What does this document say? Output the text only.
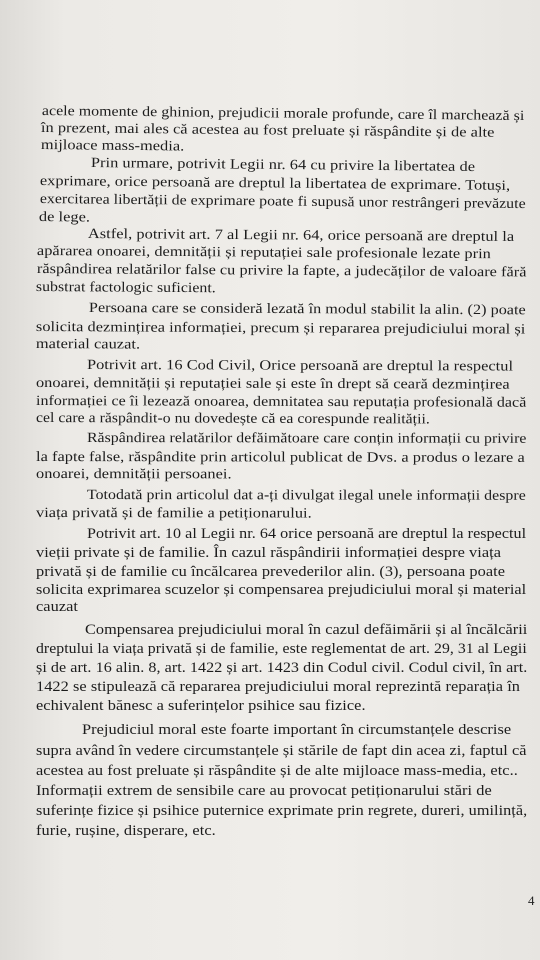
acele momente de ghinion, prejudicii morale profunde, care îl marchează și
în prezent, mai ales că acestea au fost preluate și răspândite și de alte
mijloace mass-media.
Prin urmare, potrivit Legii nr. 64 cu privire la libertatea de
exprimare, orice persoană are dreptul la libertatea de exprimare. Totuși,
exercitarea libertății de exprimare poate fi supusă unor restrângeri prevăzute
de lege.
Astfel, potrivit art. 7 al Legii nr. 64, orice persoană are dreptul la
apărarea onoarei, demnității și reputației sale profesionale lezate prin
răspândirea relatărilor false cu privire la fapte, a judecăților de valoare fără
substrat factologic suficient.
Persoana care se consideră lezată în modul stabilit la alin. (2) poate
solicita dezmințirea informației, precum și repararea prejudiciului moral și
material cauzat.
Potrivit art. 16 Cod Civil, Orice persoană are dreptul la respectul
onoarei, demnității și reputației sale și este în drept să ceară dezmințirea
informației ce îi lezează onoarea, demnitatea sau reputația profesională dacă
cel care a răspândit-o nu dovedește că ea corespunde realității.
Răspândirea relatărilor defăimătoare care conțin informații cu privire
la fapte false, răspândite prin articolul publicat de Dvs. a produs o lezare a
onoarei, demnității persoanei.
Totodată prin articolul dat a-ți divulgat ilegal unele informații despre
viața privată și de familie a petiționarului.
Potrivit art. 10 al Legii nr. 64 orice persoană are dreptul la respectul
vieții private și de familie. În cazul răspândirii informației despre viața
privată și de familie cu încălcarea prevederilor alin. (3), persoana poate
solicita exprimarea scuzelor și compensarea prejudiciului moral și material
cauzat
Compensarea prejudiciului moral în cazul defăimării și al încălcării
dreptului la viața privată și de familie, este reglementat de art. 29, 31 al Legii
și de art. 16 alin. 8, art. 1422 și art. 1423 din Codul civil. Codul civil, în art.
1422 se stipulează că repararea prejudiciului moral reprezintă reparația în
echivalent bănesc a suferințelor psihice sau fizice.
Prejudiciul moral este foarte important în circumstanțele descrise
supra având în vedere circumstanțele și stările de fapt din acea zi, faptul că
acestea au fost preluate și răspândite și de alte mijloace mass-media, etc..
Informații extrem de sensibile care au provocat petiționarului stări de
suferințe fizice și psihice puternice exprimate prin regrete, dureri, umilință,
furie, rușine, disperare, etc.
4
